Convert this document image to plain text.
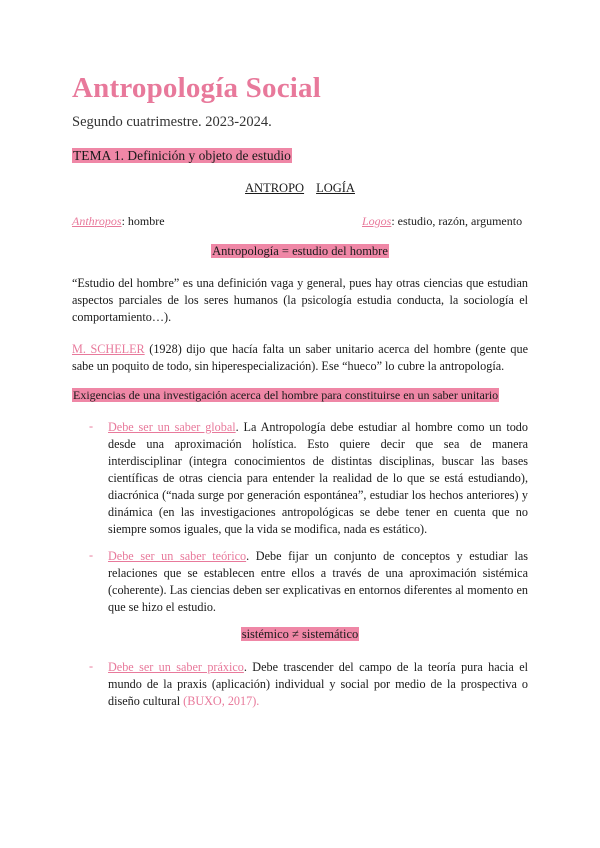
Antropología Social

Segundo cuatrimestre. 2023-2024.

TEMA 1. Definición y objeto de estudio
ANTROPO LOGÍA
Anthropos: hombre	Logos: estudio, razón, argumento
Antropología = estudio del hombre

“Estudio del hombre” es una definición vaga y general, pues hay otras ciencias que estudian aspectos parciales de los seres humanos (la psicología estudia conducta, la sociología el comportamiento…).

M. SCHELER (1928) dijo que hacía falta un saber unitario acerca del hombre (gente que sabe un poquito de todo, sin hiperespecialización). Ese “hueco” lo cubre la antropología.

Exigencias de una investigación acerca del hombre para constituirse en un saber unitario
- Debe ser un saber global. La Antropología debe estudiar al hombre como un todo desde una aproximación holística. Esto quiere decir que sea de manera interdisciplinar (integra conocimientos de distintas disciplinas, buscar las bases científicas de otras ciencia para entender la realidad de lo que se está estudiando), diacrónica (“nada surge por generación espontánea”, estudiar los hechos anteriores) y dinámica (en las investigaciones antropológicas se debe tener en cuenta que no siempre somos iguales, que la vida se modifica, nada es estático).

- Debe ser un saber teórico. Debe fijar un conjunto de conceptos y estudiar las relaciones que se establecen entre ellos a través de una aproximación sistémica (coherente). Las ciencias deben ser explicativas en entornos diferentes al momento en que se hizo el estudio.

sistémico ≠ sistemático
- Debe ser un saber práxico. Debe trascender del campo de la teoría pura hacia el mundo de la praxis (aplicación) individual y social por medio de la prospectiva o diseño cultural (BUXO, 2017).
